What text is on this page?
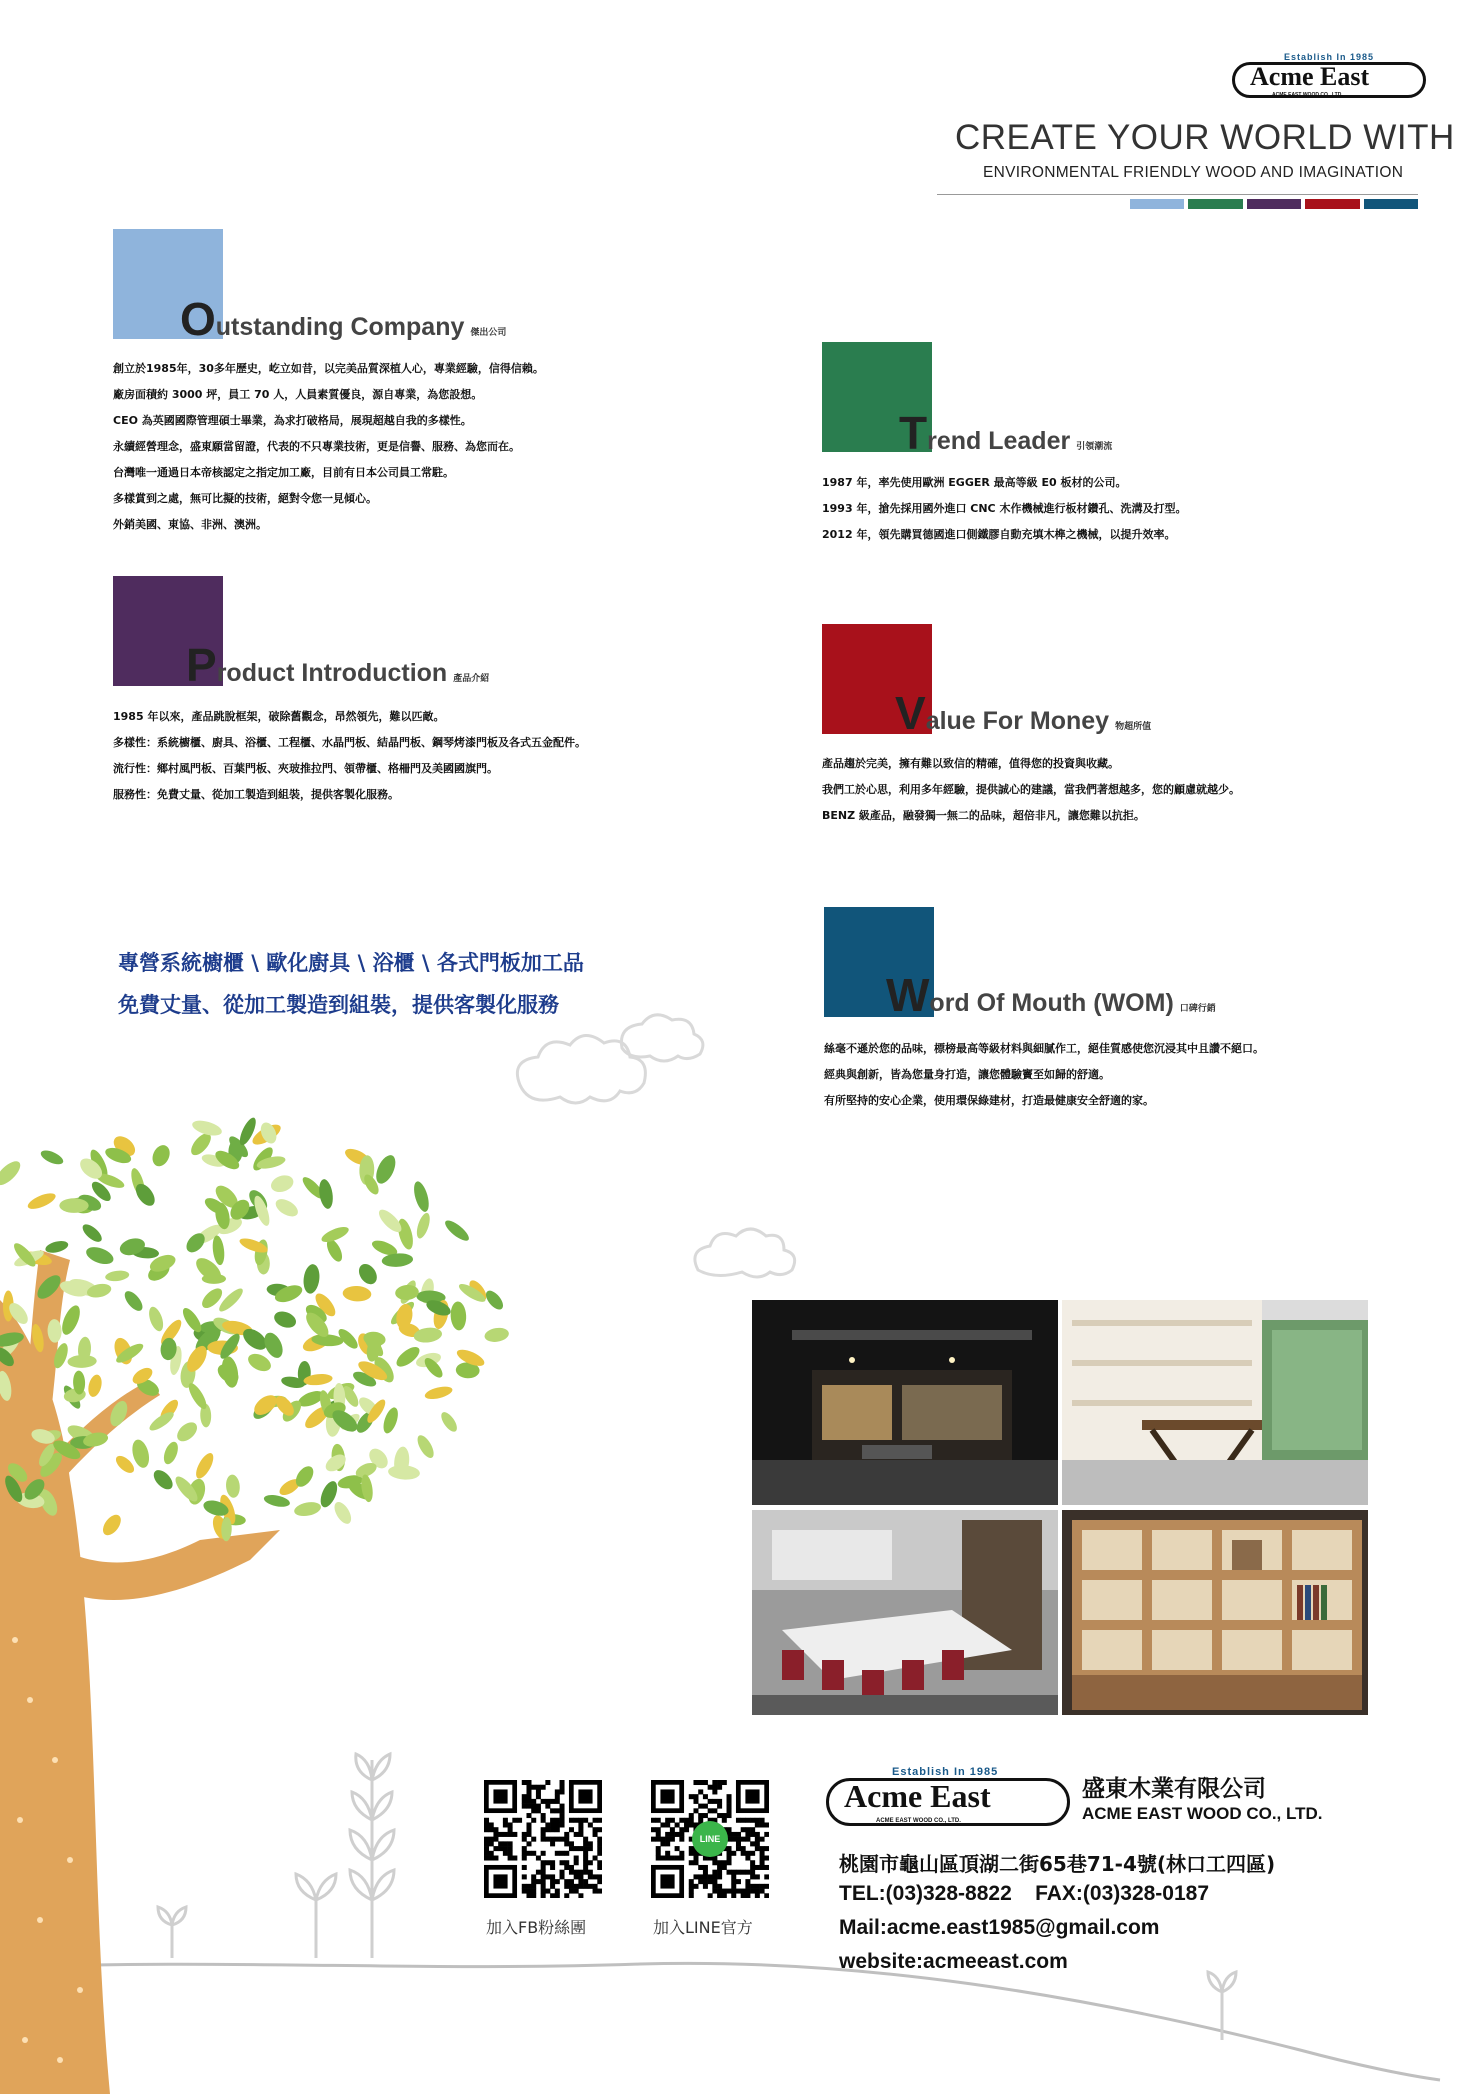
Establish In 1985
Acme East
ACME EAST WOOD CO., LTD.
CREATE YOUR WORLD WITH
ENVIRONMENTAL FRIENDLY WOOD AND IMAGINATION
Outstanding Company 傑出公司
創立於1985年，30多年歷史，屹立如昔，以完美品質深植人心，專業經驗，信得信賴。
廠房面積約 3000 坪，員工 70 人，人員素質優良，源自專業，為您設想。
CEO 為英國國際管理碩士畢業，為求打破格局，展現超越自我的多樣性。
永續經營理念，盛東願當留證，代表的不只專業技術，更是信譽、服務、為您而在。
台灣唯一通過日本帝核認定之指定加工廠，目前有日本公司員工常駐。
多樣賞到之處，無可比擬的技術，絕對令您一見傾心。
外銷美國、東協、非洲、澳洲。
Trend Leader 引領潮流
1987 年，率先使用歐洲 EGGER 最高等級 E0 板材的公司。
1993 年，搶先採用國外進口 CNC 木作機械進行板材鑽孔、洗溝及打型。
2012 年，領先購買德國進口側鐵膠自動充填木榫之機械，以提升效率。
Product Introduction 產品介紹
1985 年以來，產品跳脫框架，破除舊觀念，昂然領先，難以匹敵。
多樣性：系統櫥櫃、廚具、浴櫃、工程櫃、水晶門板、結晶門板、鋼琴烤漆門板及各式五金配件。
流行性：鄉村風門板、百葉門板、夾玻推拉門、領帶櫃、格柵門及美國國旗門。
服務性：免費丈量、從加工製造到組裝，提供客製化服務。
Value For Money 物超所值
產品趨於完美，擁有難以致信的精確，值得您的投資與收藏。
我們工於心思，利用多年經驗，提供誠心的建議，當我們著想越多，您的顧慮就越少。
BENZ 級產品，融發獨一無二的品味，超倍非凡，讓您難以抗拒。
Word Of Mouth (WOM) 口碑行銷
絲毫不遜於您的品味，標榜最高等級材料與細膩作工，絕佳質感使您沉浸其中且讚不絕口。
經典與創新，皆為您量身打造，讓您體驗竇至如歸的舒適。
有所堅持的安心企業，使用環保綠建材，打造最健康安全舒適的家。
專營系統櫥櫃 \ 歐化廚具 \ 浴櫃 \ 各式門板加工品
免費丈量、從加工製造到組裝，提供客製化服務
加入FB粉絲團
LINE
加入LINE官方
Establish In 1985
Acme East
ACME EAST WOOD CO., LTD.
盛東木業有限公司
ACME EAST WOOD CO., LTD.
桃園市龜山區頂湖二街65巷71-4號(林口工四區)
TEL:(03)328-8822    FAX:(03)328-0187
Mail:acme.east1985@gmail.com
website:acmeeast.com
